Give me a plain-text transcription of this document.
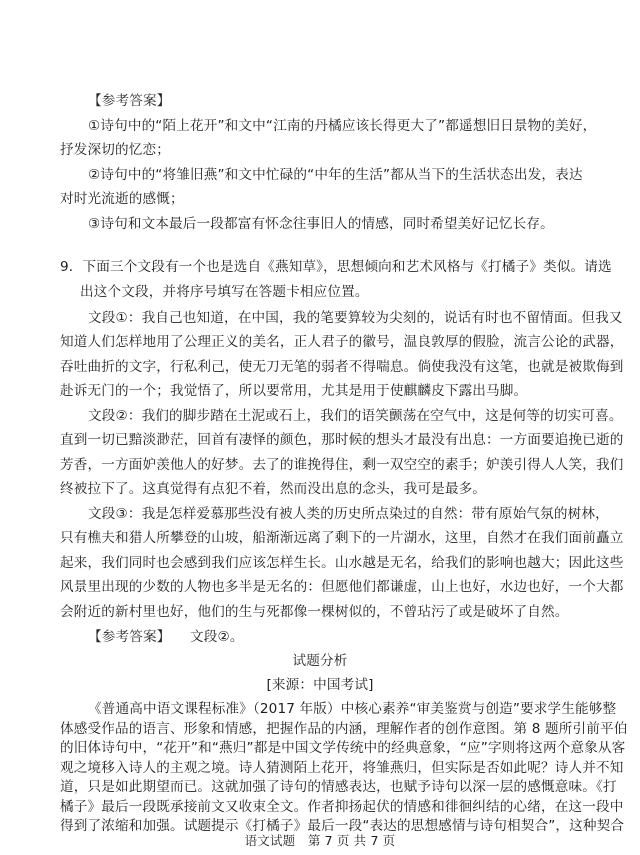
【参考答案】
①诗句中的“陌上花开”和文中“江南的丹橘应该长得更大了”都遥想旧日景物的美好，
抒发深切的忆恋；
②诗句中的“将雏旧燕”和文中忙碌的“中年的生活”都从当下的生活状态出发，表达
对时光流逝的感慨；
③诗句和文本最后一段都富有怀念往事旧人的情感，同时希望美好记忆长存。
9．下面三个文段有一个也是选自《燕知草》，思想倾向和艺术风格与《打橘子》类似。请选
出这个文段，并将序号填写在答题卡相应位置。
文段①：我自己也知道，在中国，我的笔要算较为尖刻的，说话有时也不留情面。但我又
知道人们怎样地用了公理正义的美名，正人君子的徽号，温良敦厚的假脸，流言公论的武器，
吞吐曲折的文字，行私利己，使无刀无笔的弱者不得喘息。倘使我没有这笔，也就是被欺侮到
赴诉无门的一个；我觉悟了，所以要常用，尤其是用于使麒麟皮下露出马脚。
文段②：我们的脚步踏在土泥或石上，我们的语笑颤荡在空气中，这是何等的切实可喜。
直到一切已黯淡渺茫，回首有凄怿的颜色，那时候的想头才最没有出息：一方面要追挽已逝的
芳香，一方面妒羡他人的好梦。去了的谁挽得住，剩一双空空的素手；妒羡引得人人笑，我们
终被拉下了。这真觉得有点犯不着，然而没出息的念头，我可是最多。
文段③：我是怎样爱慕那些没有被人类的历史所点染过的自然：带有原始气氛的树林，
只有樵夫和猎人所攀登的山坡，船渐渐远离了剩下的一片湖水，这里，自然才在我们面前矗立
起来，我们同时也会感到我们应该怎样生长。山水越是无名，给我们的影响也越大；因此这些
风景里出现的少数的人物也多半是无名的：但愿他们都谦虚，山上也好，水边也好，一个大都
会附近的新村里也好，他们的生与死都像一棵树似的，不曾玷污了或是破坏了自然。
【参考答案】 文段②。
试题分析
[来源：中国考试]
《普通高中语文课程标准》（2017 年版）中核心素养“审美鉴赏与创造”要求学生能够整
体感受作品的语言、形象和情感，把握作品的内涵，理解作者的创作意图。第 8 题所引前平伯
的旧体诗句中，“花开”和“燕归”都是中国文学传统中的经典意象，“应”字则将这两个意象从客
观之境移入诗人的主观之境。诗人猜测陌上花开，将雏燕归，但实际是否如此呢？诗人并不知
道，只是如此期望而已。这就加强了诗句的情感表达，也赋予诗句以深一层的感慨意味。《打
橘子》最后一段既承接前文又收束全文。作者抑扬起伏的情感和徘徊纠结的心绪，在这一段中
得到了浓缩和加强。试题提示《打橘子》最后一段“表达的思想感情与诗句相契合”，这种契合
语文试题　第 7 页 共 7 页
